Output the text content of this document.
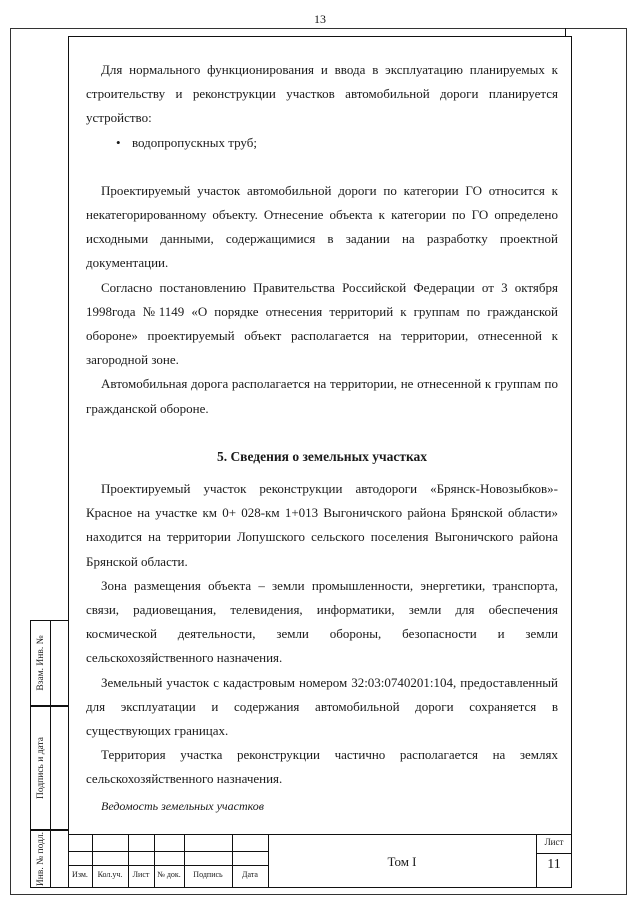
13

Для нормального функционирования и ввода в эксплуатацию планируемых к строительству и реконструкции участков автомобильной дороги планируется устройство:

• водопропускных труб;

Проектируемый участок автомобильной дороги по категории ГО относится к некатегорированному объекту. Отнесение объекта к категории по ГО определено исходными данными, содержащимися в задании на разработку проектной документации.

Согласно постановлению Правительства Российской Федерации от 3 октября 1998года №1149 «О порядке отнесения территорий к группам по гражданской обороне» проектируемый объект располагается на территории, отнесенной к загородной зоне.

Автомобильная дорога располагается на территории, не отнесенной к группам по гражданской обороне.

5. Сведения о земельных участках

Проектируемый участок реконструкции автодороги «Брянск-Новозыбков»-Красное на участке км 0+ 028-км 1+013 Выгоничского района Брянской области» находится на территории Лопушского сельского поселения Выгоничского района Брянской области.

Зона размещения объекта – земли промышленности, энергетики, транспорта, связи, радиовещания, телевидения, информатики, земли для обеспечения космической деятельности, земли обороны, безопасности и земли сельскохозяйственного назначения.

Земельный участок с кадастровым номером 32:03:0740201:104, предоставленный для эксплуатации и содержания автомобильной дороги сохраняется в существующих границах.

Территория участка реконструкции частично располагается на землях сельскохозяйственного назначения.

Ведомость земельных участков

Взам. Инв. №
Подпись и дата
Инв. № подл.	Изм.	Кол.уч.	Лист № док.	Подпись	Дата
Том I
Лист
11
